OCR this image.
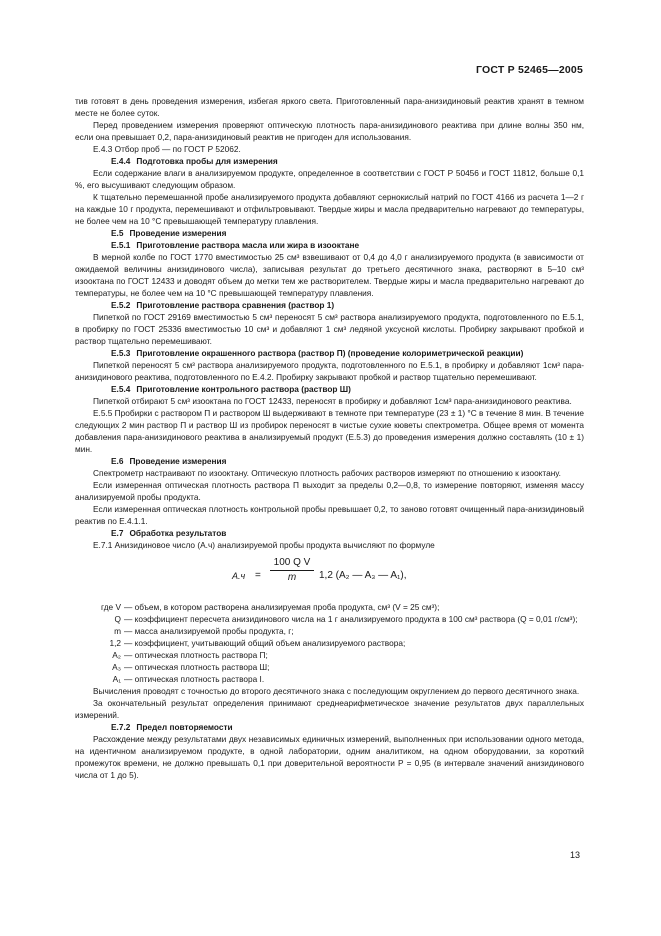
ГОСТ Р 52465—2005

тив готовят в день проведения измерения, избегая яркого света. Приготовленный пара-анизидиновый реактив хранят в темном месте не более суток.

Перед проведением измерения проверяют оптическую плотность пара-анизидинового реактива при длине волны 350 нм, если она превышает 0,2, пара-анизидиновый реактив не пригоден для использования.

Е.4.3 Отбор проб — по ГОСТ Р 52062.

Е.4.4 Подготовка пробы для измерения

Если содержание влаги в анализируемом продукте, определенное в соответствии с ГОСТ Р 50456 и ГОСТ 11812, больше 0,1 %, его высушивают следующим образом.

К тщательно перемешанной пробе анализируемого продукта добавляют сернокислый натрий по ГОСТ 4166 из расчета 1—2 г на каждые 10 г продукта, перемешивают и отфильтровывают. Твердые жиры и масла предварительно нагревают до температуры, не более чем на 10 °С превышающей температуру плавления.

Е.5 Проведение измерения

Е.5.1 Приготовление раствора масла или жира в изооктане

В мерной колбе по ГОСТ 1770 вместимостью 25 см³ взвешивают от 0,4 до 4,0 г анализируемого продукта (в зависимости от ожидаемой величины анизидинового числа), записывая результат до третьего десятичного знака, растворяют в 5–10 см³ изооктана по ГОСТ 12433 и доводят объем до метки тем же растворителем. Твердые жиры и масла предварительно нагревают до температуры, не более чем на 10 °С превышающей температуру плавления.

Е.5.2 Приготовление раствора сравнения (раствор 1)

Пипеткой по ГОСТ 29169 вместимостью 5 см³ переносят 5 см³ раствора анализируемого продукта, подготовленного по Е.5.1, в пробирку по ГОСТ 25336 вместимостью 10 см³ и добавляют 1 см³ ледяной уксусной кислоты. Пробирку закрывают пробкой и раствор тщательно перемешивают.

Е.5.3 Приготовление окрашенного раствора (раствор П) (проведение колориметрической реакции)

Пипеткой переносят 5 см³ раствора анализируемого продукта, подготовленного по Е.5.1, в пробирку и добавляют 1см³ пара-анизидинового реактива, подготовленного по Е.4.2. Пробирку закрывают пробкой и раствор тщательно перемешивают.

Е.5.4 Приготовление контрольного раствора (раствор Ш)

Пипеткой отбирают 5 см³ изооктана по ГОСТ 12433, переносят в пробирку и добавляют 1см³ пара-анизидинового реактива.

Е.5.5 Пробирки с раствором П и раствором Ш выдерживают в темноте при температуре (23 ± 1) °С в течение 8 мин. В течение следующих 2 мин раствор П и раствор Ш из пробирок переносят в чистые сухие кюветы спектрометра. Общее время от момента добавления пара-анизидинового реактива в анализируемый продукт (Е.5.3) до проведения измерения должно составлять (10 ± 1) мин.

Е.6 Проведение измерения

Спектрометр настраивают по изооктану. Оптическую плотность рабочих растворов измеряют по отношению к изооктану.

Если измеренная оптическая плотность раствора П выходит за пределы 0,2—0,8, то измерение повторяют, изменяя массу анализируемой пробы продукта.

Если измеренная оптическая плотность контрольной пробы превышает 0,2, то заново готовят очищенный пара-анизидиновый реактив по Е.4.1.1.

Е.7 Обработка результатов

Е.7.1 Анизидиновое число (А.ч) анализируемой пробы продукта вычисляют по формуле

$А.ч = \frac{\text{100 Q V}}{m} 1,2$ (A₂ — A₃ — A₁),

где V — объем, в котором растворена анализируемая проба продукта, см³ (V = 25 см³);

Q — коэффициент пересчета анизидинового числа на 1 г анализируемого продукта в 100 см³ раствора (Q = 0,01 г/см³);

m — масса анализируемой пробы продукта, г;

1,2 — коэффициент, учитывающий общий объем анализируемого раствора;

A₂ — оптическая плотность раствора П;

A₃ — оптическая плотность раствора Ш;

A₁ — оптическая плотность раствора I.

Вычисления проводят с точностью до второго десятичного знака с последующим округлением до первого десятичного знака.

За окончательный результат определения принимают среднеарифметическое значение результатов двух параллельных измерений.

Е.7.2 Предел повторяемости

Расхождение между результатами двух независимых единичных измерений, выполненных при использовании одного метода, на идентичном анализируемом продукте, в одной лаборатории, одним аналитиком, на одном оборудовании, за короткий промежуток времени, не должно превышать 0,1 при доверительной вероятности Р = 0,95 (в интервале значений анизидинового числа от 1 до 5).

13
